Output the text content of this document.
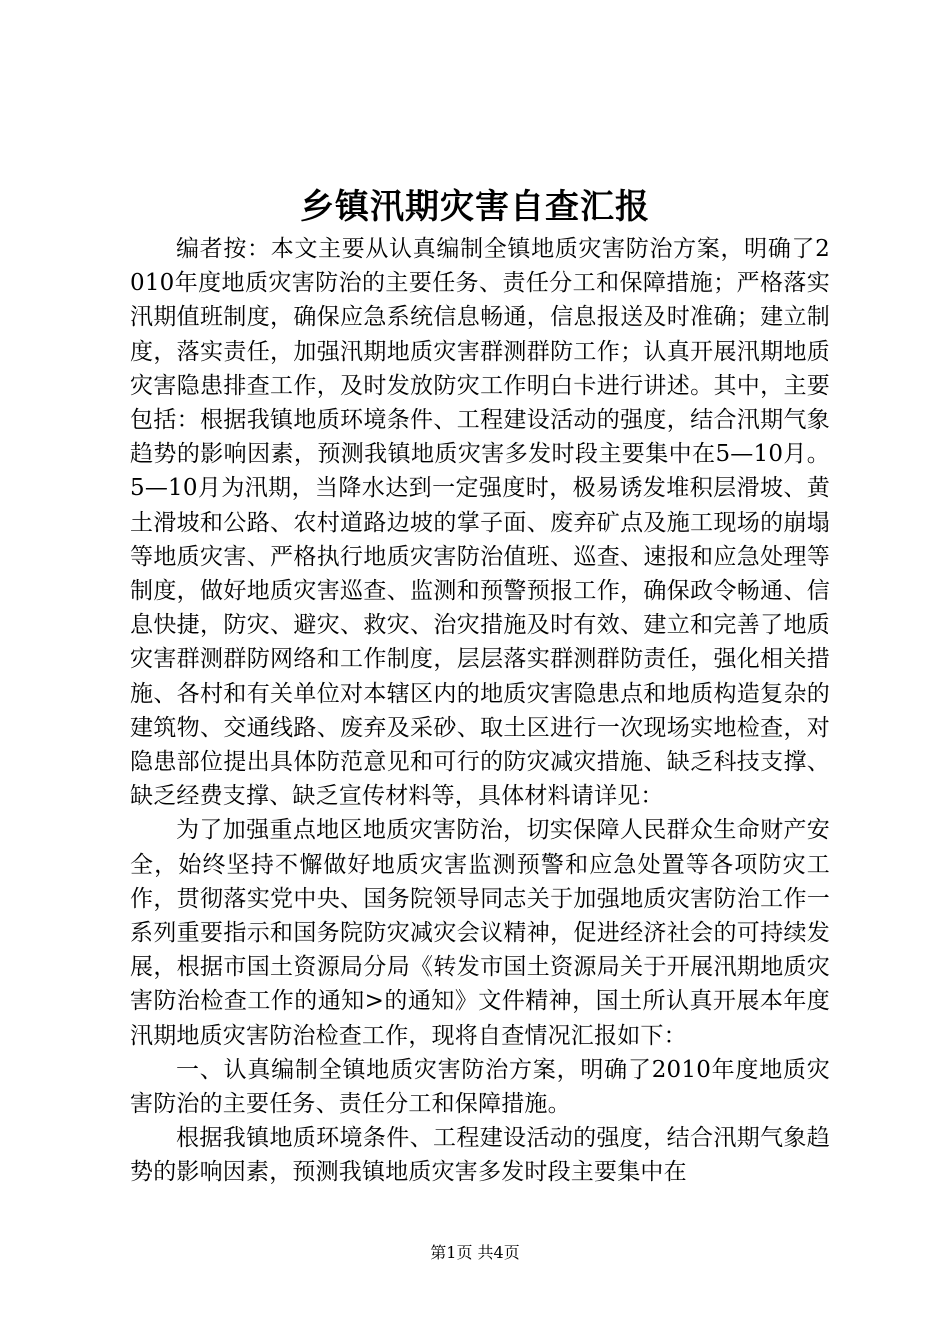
乡镇汛期灾害自查汇报

编者按：本文主要从认真编制全镇地质灾害防治方案，明确了2010年度地质灾害防治的主要任务、责任分工和保障措施；严格落实汛期值班制度，确保应急系统信息畅通，信息报送及时准确；建立制度，落实责任，加强汛期地质灾害群测群防工作；认真开展汛期地质灾害隐患排查工作，及时发放防灾工作明白卡进行讲述。其中，主要包括：根据我镇地质环境条件、工程建设活动的强度，结合汛期气象趋势的影响因素，预测我镇地质灾害多发时段主要集中在5—10月。5—10月为汛期，当降水达到一定强度时，极易诱发堆积层滑坡、黄土滑坡和公路、农村道路边坡的掌子面、废弃矿点及施工现场的崩塌等地质灾害、严格执行地质灾害防治值班、巡查、速报和应急处理等制度，做好地质灾害巡查、监测和预警预报工作，确保政令畅通、信息快捷，防灾、避灾、救灾、治灾措施及时有效、建立和完善了地质灾害群测群防网络和工作制度，层层落实群测群防责任，强化相关措施、各村和有关单位对本辖区内的地质灾害隐患点和地质构造复杂的建筑物、交通线路、废弃及采砂、取土区进行一次现场实地检查，对隐患部位提出具体防范意见和可行的防灾减灾措施、缺乏科技支撑、缺乏经费支撑、缺乏宣传材料等，具体材料请详见：

为了加强重点地区地质灾害防治，切实保障人民群众生命财产安全，始终坚持不懈做好地质灾害监测预警和应急处置等各项防灾工作，贯彻落实党中央、国务院领导同志关于加强地质灾害防治工作一系列重要指示和国务院防灾减灾会议精神，促进经济社会的可持续发展，根据市国土资源局分局《转发市国土资源局关于开展汛期地质灾害防治检查工作的通知>的通知》文件精神，国土所认真开展本年度汛期地质灾害防治检查工作，现将自查情况汇报如下：

一、认真编制全镇地质灾害防治方案，明确了2010年度地质灾害防治的主要任务、责任分工和保障措施。

根据我镇地质环境条件、工程建设活动的强度，结合汛期气象趋势的影响因素，预测我镇地质灾害多发时段主要集中在

第1页 共4页
